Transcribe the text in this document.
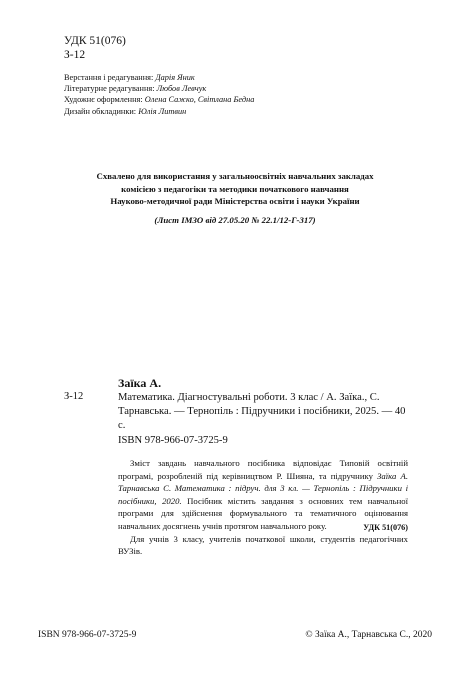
УДК 51(076)
З-12
Верстання і редагування: Дарія Яник
Літературне редагування: Любов Левчук
Художнє оформлення: Олена Сажко, Світлана Бедна
Дизайн обкладинки: Юлія Литвин
Схвалено для використання у загальноосвітніх навчальних закладах
комісією з педагогіки та методики початкового навчання
Науково-методичної ради Міністерства освіти і науки України
(Лист ІМЗО від 27.05.20 № 22.1/12-Г-317)
Заїка А.
З-12	Математика. Діагностувальні роботи. 3 клас / А. Заїка., С. Тарнавська. — Тернопіль : Підручники і посібники, 2025. — 40 с.
ISBN 978-966-07-3725-9

Зміст завдань навчального посібника відповідає Типовій освітній програмі, розробленій під керівництвом Р. Шияна, та підручнику Заїка А. Тарнавська С. Математика : підруч. для 3 кл. — Тернопіль : Підручники і посібники, 2020. Посібник містить завдання з основних тем навчальної програми для здійснення формувального та тематичного оцінювання навчальних досягнень учнів протягом навчального року.

Для учнів 3 класу, учителів початкової школи, студентів педагогічних ВУЗів.

УДК 51(076)
ISBN 978-966-07-3725-9	© Заїка А., Тарнавська С., 2020
